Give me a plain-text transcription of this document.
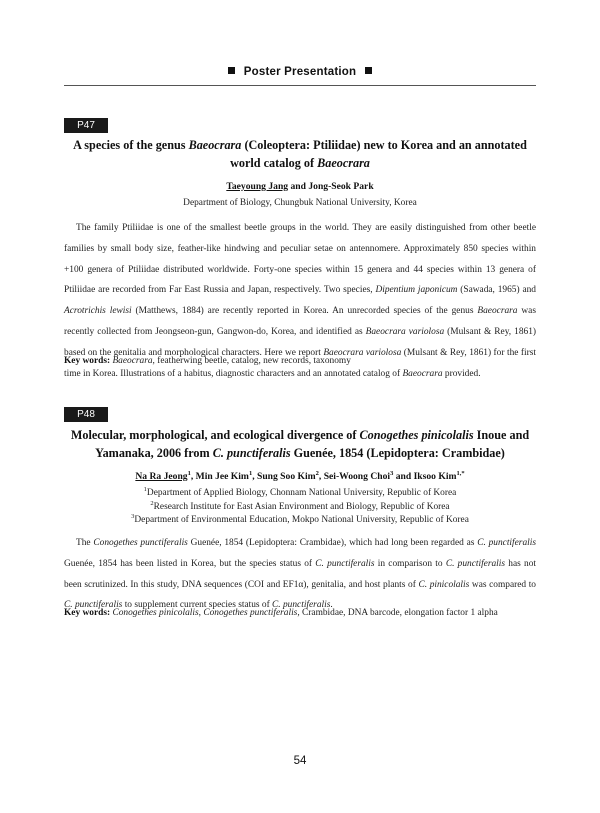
Poster Presentation
P47
A species of the genus Baeocrara (Coleoptera: Ptiliidae) new to Korea and an annotated world catalog of Baeocrara
Taeyoung Jang and Jong-Seok Park
Department of Biology, Chungbuk National University, Korea
The family Ptiliidae is one of the smallest beetle groups in the world. They are easily distinguished from other beetle families by small body size, feather-like hindwing and peculiar setae on antennomere. Approximately 850 species within +100 genera of Ptiliidae distributed worldwide. Forty-one species within 15 genera and 44 species within 13 genera of Ptiliidae are recorded from Far East Russia and Japan, respectively. Two species, Dipentium japonicum (Sawada, 1965) and Acrotrichis lewisi (Matthews, 1884) are recently reported in Korea. An unrecorded species of the genus Baeocrara was recently collected from Jeongseon-gun, Gangwon-do, Korea, and identified as Baeocrara variolosa (Mulsant & Rey, 1861) based on the genitalia and morphological characters. Here we report Baeocrara variolosa (Mulsant & Rey, 1861) for the first time in Korea. Illustrations of a habitus, diagnostic characters and an annotated catalog of Baeocrara provided.
Key words: Baeocrara, featherwing beetle, catalog, new records, taxonomy
P48
Molecular, morphological, and ecological divergence of Conogethes pinicolalis Inoue and Yamanaka, 2006 from C. punctiferalis Guenée, 1854 (Lepidoptera: Crambidae)
Na Ra Jeong$^1$, Min Jee Kim$^1$, Sung Soo Kim$^2$, Sei-Woong Choi$^3$ and Iksoo Kim$^{1,*}$
$^1$Department of Applied Biology, Chonnam National University, Republic of Korea
$^2$Research Institute for East Asian Environment and Biology, Republic of Korea
$^3$Department of Environmental Education, Mokpo National University, Republic of Korea
The Conogethes punctiferalis Guenée, 1854 (Lepidoptera: Crambidae), which had long been regarded as C. punctiferalis Guenée, 1854 has been listed in Korea, but the species status of C. punctiferalis in comparison to C. punctiferalis has not been scrutinized. In this study, DNA sequences (COI and EF1α), genitalia, and host plants of C. pinicolalis was compared to C. punctiferalis to supplement current species status of C. punctiferalis.
Key words: Conogethes pinicolalis, Conogethes punctiferalis, Crambidae, DNA barcode, elongation factor 1 alpha
54
